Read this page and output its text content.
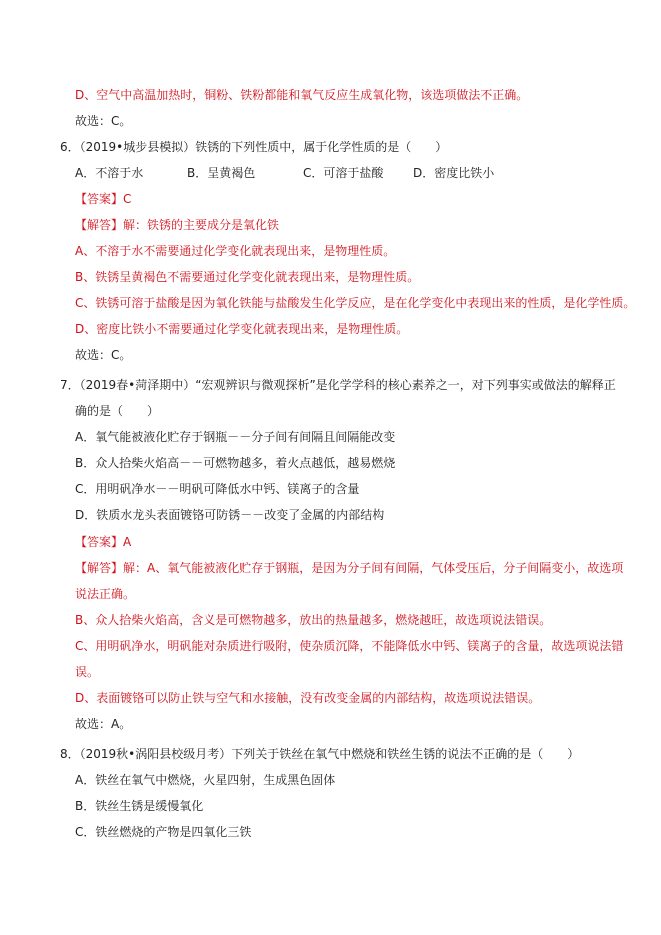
D、空气中高温加热时，铜粉、铁粉都能和氧气反应生成氧化物，该选项做法不正确。
故选：C。
6．（2019•城步县模拟）铁锈的下列性质中，属于化学性质的是（　　）
A．不溶于水	B．呈黄褐色	C．可溶于盐酸 D．密度比铁小
【答案】C
【解答】解：铁锈的主要成分是氧化铁
A、不溶于水不需要通过化学变化就表现出来，是物理性质。
B、铁锈呈黄褐色不需要通过化学变化就表现出来，是物理性质。
C、铁锈可溶于盐酸是因为氧化铁能与盐酸发生化学反应，是在化学变化中表现出来的性质，是化学性质。
D、密度比铁小不需要通过化学变化就表现出来，是物理性质。
故选：C。
7．（2019春•菏泽期中）“宏观辨识与微观探析”是化学学科的核心素养之一，对下列事实或做法的解释正
确的是（　　）
A．氧气能被液化贮存于钢瓶－－分子间有间隔且间隔能改变
B．众人拾柴火焰高－－可燃物越多，着火点越低，越易燃烧
C．用明矾净水－－明矾可降低水中钙、镁离子的含量
D．铁质水龙头表面镀铬可防锈－－改变了金属的内部结构
【答案】A
【解答】解：A、氧气能被液化贮存于钢瓶，是因为分子间有间隔，气体受压后，分子间隔变小，故选项
说法正确。
B、众人拾柴火焰高，含义是可燃物越多，放出的热量越多，燃烧越旺，故选项说法错误。
C、用明矾净水，明矾能对杂质进行吸附，使杂质沉降，不能降低水中钙、镁离子的含量，故选项说法错
误。
D、表面镀铬可以防止铁与空气和水接触，没有改变金属的内部结构，故选项说法错误。
故选：A。
8．（2019秋•涡阳县校级月考）下列关于铁丝在氧气中燃烧和铁丝生锈的说法不正确的是（　　）
A．铁丝在氧气中燃烧，火星四射，生成黑色固体
B．铁丝生锈是缓慢氧化
C．铁丝燃烧的产物是四氧化三铁
